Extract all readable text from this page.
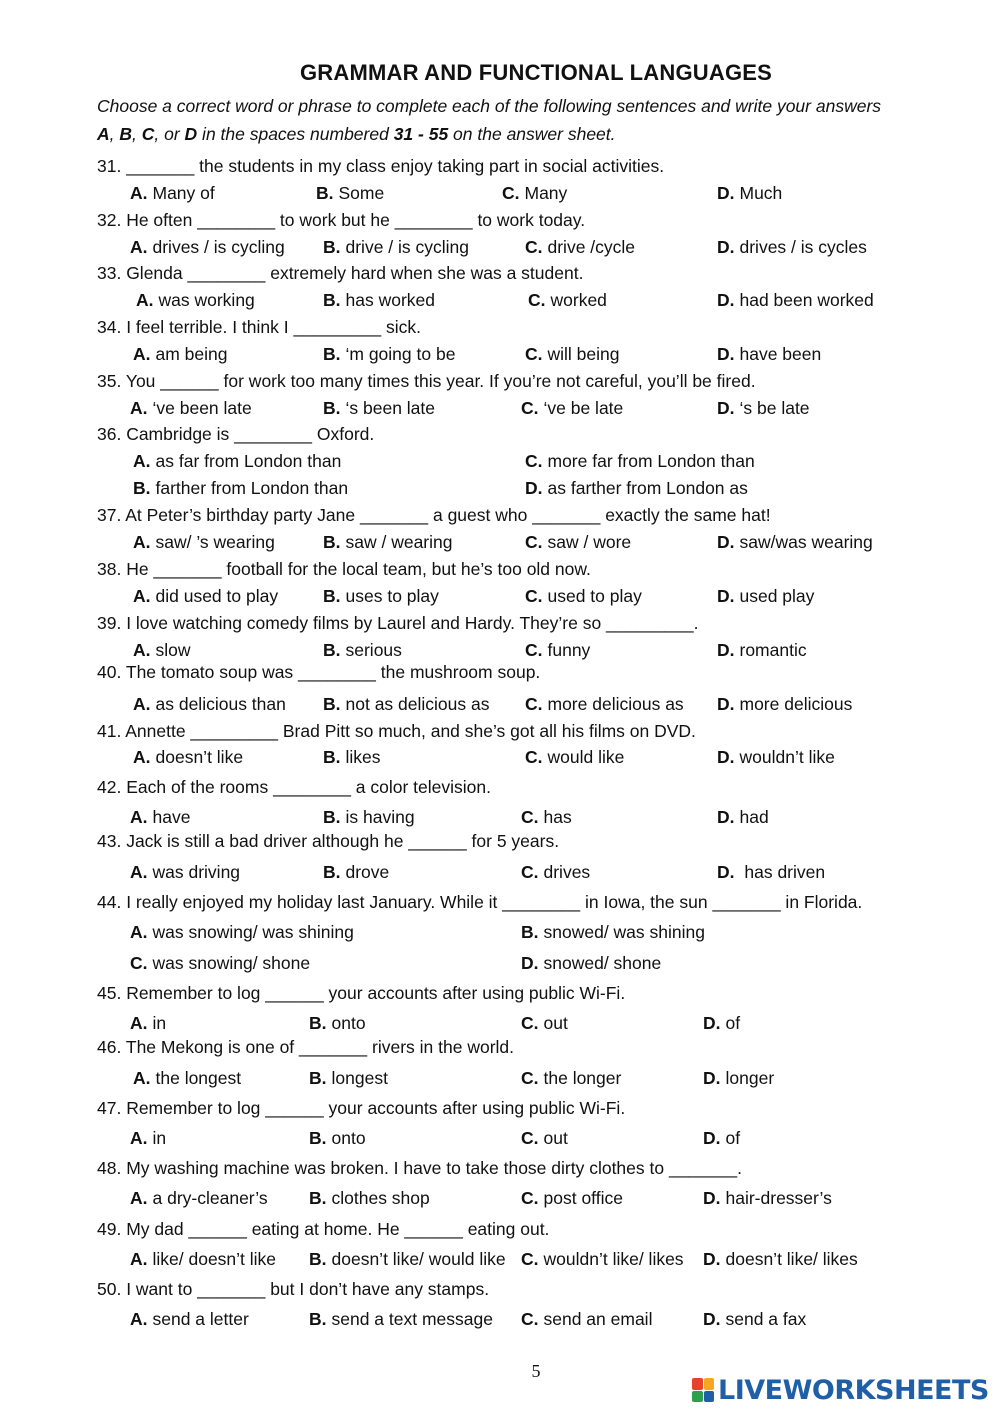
GRAMMAR AND FUNCTIONAL LANGUAGES
Choose a correct word or phrase to complete each of the following sentences and write your answers
A, B, C, or D in the spaces numbered 31 - 55 on the answer sheet.
31. _______ the students in my class enjoy taking part in social activities.
A. Many of	B. Some	C. Many	D. Much
32. He often ________ to work but he ________ to work today.
A. drives / is cycling B. drive / is cycling	C. drive /cycle	D. drives / is cycles
33. Glenda ________ extremely hard when she was a student.
A. was working	B. has worked	C. worked	D. had been worked
34. I feel terrible. I think I _________ sick.
A. am being	B. ‘m going to be	C. will being	D. have been
35. You ______ for work too many times this year. If you’re not careful, you’ll be fired.
A. ‘ve been late	B. ‘s been late	C. ‘ve be late	D. ‘s be late
36. Cambridge is ________ Oxford.
A. as far from London than	C. more far from London than
B. farther from London than	D. as farther from London as
37. At Peter’s birthday party Jane _______ a guest who _______ exactly the same hat!
A. saw/ ’s wearing	B. saw / wearing	C. saw / wore	D. saw/was wearing
38. He _______ football for the local team, but he’s too old now.
A. did used to play	B. uses to play	C. used to play	D. used play
39. I love watching comedy films by Laurel and Hardy. They’re so _________.
A. slow	B. serious	C. funny	D. romantic
40. The tomato soup was ________ the mushroom soup.
A. as delicious than B. not as delicious as C. more delicious as D. more delicious
41. Annette _________ Brad Pitt so much, and she’s got all his films on DVD.
A. doesn’t like	B. likes	C. would like	D. wouldn’t like
42. Each of the rooms ________ a color television.
A. have	B. is having	C. has	D. had
43. Jack is still a bad driver although he ______ for 5 years.
A. was driving	B. drove	C. drives	D. has driven
44. I really enjoyed my holiday last January. While it ________ in Iowa, the sun _______ in Florida.
A. was snowing/ was shining	B. snowed/ was shining
C. was snowing/ shone	D. snowed/ shone
45. Remember to log ______ your accounts after using public Wi-Fi.
A. in	B. onto	C. out	D. of
46. The Mekong is one of _______ rivers in the world.
A. the longest	B. longest	C. the longer	D. longer
47. Remember to log ______ your accounts after using public Wi-Fi.
A. in	B. onto	C. out	D. of
48. My washing machine was broken. I have to take those dirty clothes to _______.
A. a dry-cleaner’s B. clothes shop	C. post office	D. hair-dresser’s
49. My dad ______ eating at home. He ______ eating out.
A. like/ doesn’t like B. doesn’t like/ would like C. wouldn’t like/ likes D. doesn’t like/ likes
50. I want to _______ but I don’t have any stamps.
A. send a letter	B. send a text message C. send an email	D. send a fax
5
LIVEWORKSHEETS
